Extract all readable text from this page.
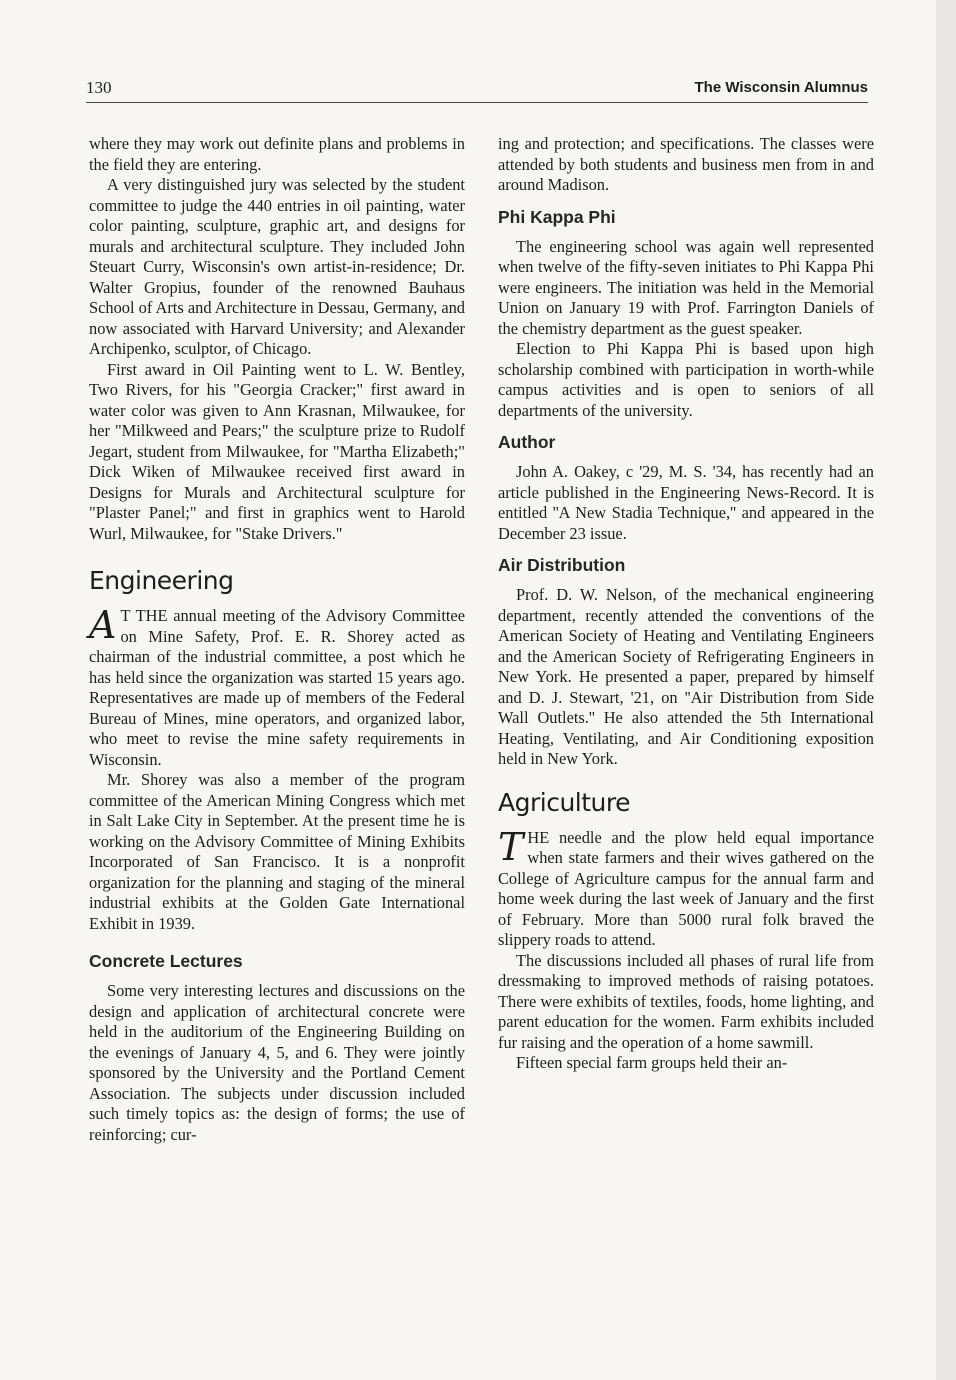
130	The Wisconsin Alumnus

where they may work out definite plans and problems in the field they are entering.

A very distinguished jury was selected by the student committee to judge the 440 entries in oil painting, water color painting, sculpture, graphic art, and designs for murals and architectural sculpture. They included John Steuart Curry, Wisconsin's own artist-in-residence; Dr. Walter Gropius, founder of the renowned Bauhaus School of Arts and Architecture in Dessau, Germany, and now associated with Harvard University; and Alexander Archipenko, sculptor, of Chicago.

First award in Oil Painting went to L. W. Bentley, Two Rivers, for his "Georgia Cracker;" first award in water color was given to Ann Krasnan, Milwaukee, for her "Milkweed and Pears;" the sculpture prize to Rudolf Jegart, student from Milwaukee, for "Martha Elizabeth;" Dick Wiken of Milwaukee received first award in Designs for Murals and Architectural sculpture for "Plaster Panel;" and first in graphics went to Harold Wurl, Milwaukee, for "Stake Drivers."

Engineering

A T THE annual meeting of the Advisory Committee on Mine Safety, Prof. E. R. Shorey acted as chairman of the industrial committee, a post which he has held since the organization was started 15 years ago. Representatives are made up of members of the Federal Bureau of Mines, mine operators, and organized labor, who meet to revise the mine safety requirements in Wisconsin.

Mr. Shorey was also a member of the program committee of the American Mining Congress which met in Salt Lake City in September. At the present time he is working on the Advisory Committee of Mining Exhibits Incorporated of San Francisco. It is a nonprofit organization for the planning and staging of the mineral industrial exhibits at the Golden Gate International Exhibit in 1939.

Concrete Lectures

Some very interesting lectures and discussions on the design and application of architectural concrete were held in the auditorium of the Engineering Building on the evenings of January 4, 5, and 6. They were jointly sponsored by the University and the Portland Cement Association. The subjects under discussion included such timely topics as: the design of forms; the use of reinforcing; cur-

ing and protection; and specifications. The classes were attended by both students and business men from in and around Madison.

Phi Kappa Phi

The engineering school was again well represented when twelve of the fifty-seven initiates to Phi Kappa Phi were engineers. The initiation was held in the Memorial Union on January 19 with Prof. Farrington Daniels of the chemistry department as the guest speaker.

Election to Phi Kappa Phi is based upon high scholarship combined with participation in worth-while campus activities and is open to seniors of all departments of the university.

Author

John A. Oakey, c '29, M. S. '34, has recently had an article published in the Engineering News-Record. It is entitled ''A New Stadia Technique,'' and appeared in the December 23 issue.

Air Distribution

Prof. D. W. Nelson, of the mechanical engineering department, recently attended the conventions of the American Society of Heating and Ventilating Engineers and the American Society of Refrigerating Engineers in New York. He presented a paper, prepared by himself and D. J. Stewart, '21, on ''Air Distribution from Side Wall Outlets.'' He also attended the 5th International Heating, Ventilating, and Air Conditioning exposition held in New York.

Agriculture

THE needle and the plow held equal importance when state farmers and their wives gathered on the College of Agriculture campus for the annual farm and home week during the last week of January and the first of February. More than 5000 rural folk braved the slippery roads to attend.

The discussions included all phases of rural life from dressmaking to improved methods of raising potatoes. There were exhibits of textiles, foods, home lighting, and parent education for the women. Farm exhibits included fur raising and the operation of a home sawmill.

Fifteen special farm groups held their an-
